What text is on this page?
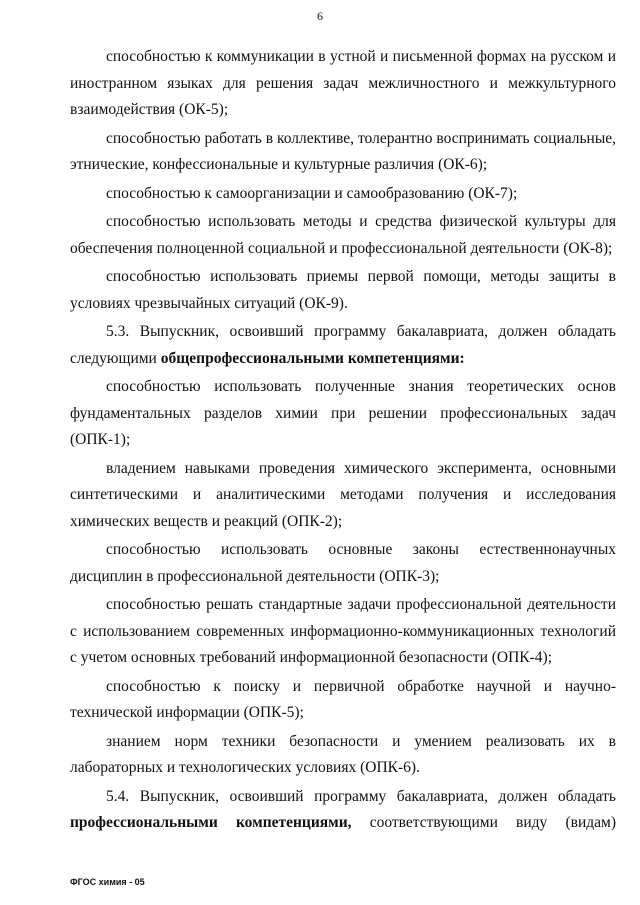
6

способностью к коммуникации в устной и письменной формах на русском и иностранном языках для решения задач межличностного и межкультурного взаимодействия (ОК-5);

способностью работать в коллективе, толерантно воспринимать социальные, этнические, конфессиональные и культурные различия (ОК-6);

способностью к самоорганизации и самообразованию (ОК-7);

способностью использовать методы и средства физической культуры для обеспечения полноценной социальной и профессиональной деятельности (ОК-8);

способностью использовать приемы первой помощи, методы защиты в условиях чрезвычайных ситуаций (ОК-9).

5.3. Выпускник, освоивший программу бакалавриата, должен обладать следующими общепрофессиональными компетенциями:

способностью использовать полученные знания теоретических основ фундаментальных разделов химии при решении профессиональных задач (ОПК-1);

владением навыками проведения химического эксперимента, основными синтетическими и аналитическими методами получения и исследования химических веществ и реакций (ОПК-2);

способностью использовать основные законы естественнонаучных дисциплин в профессиональной деятельности (ОПК-3);

способностью решать стандартные задачи профессиональной деятельности с использованием современных информационно-коммуникационных технологий с учетом основных требований информационной безопасности (ОПК-4);

способностью к поиску и первичной обработке научной и научно-технической информации (ОПК-5);

знанием норм техники безопасности и умением реализовать их в лабораторных и технологических условиях (ОПК-6).

5.4. Выпускник, освоивший программу бакалавриата, должен обладать профессиональными компетенциями, соответствующими виду (видам)

ФГОС химия - 05
